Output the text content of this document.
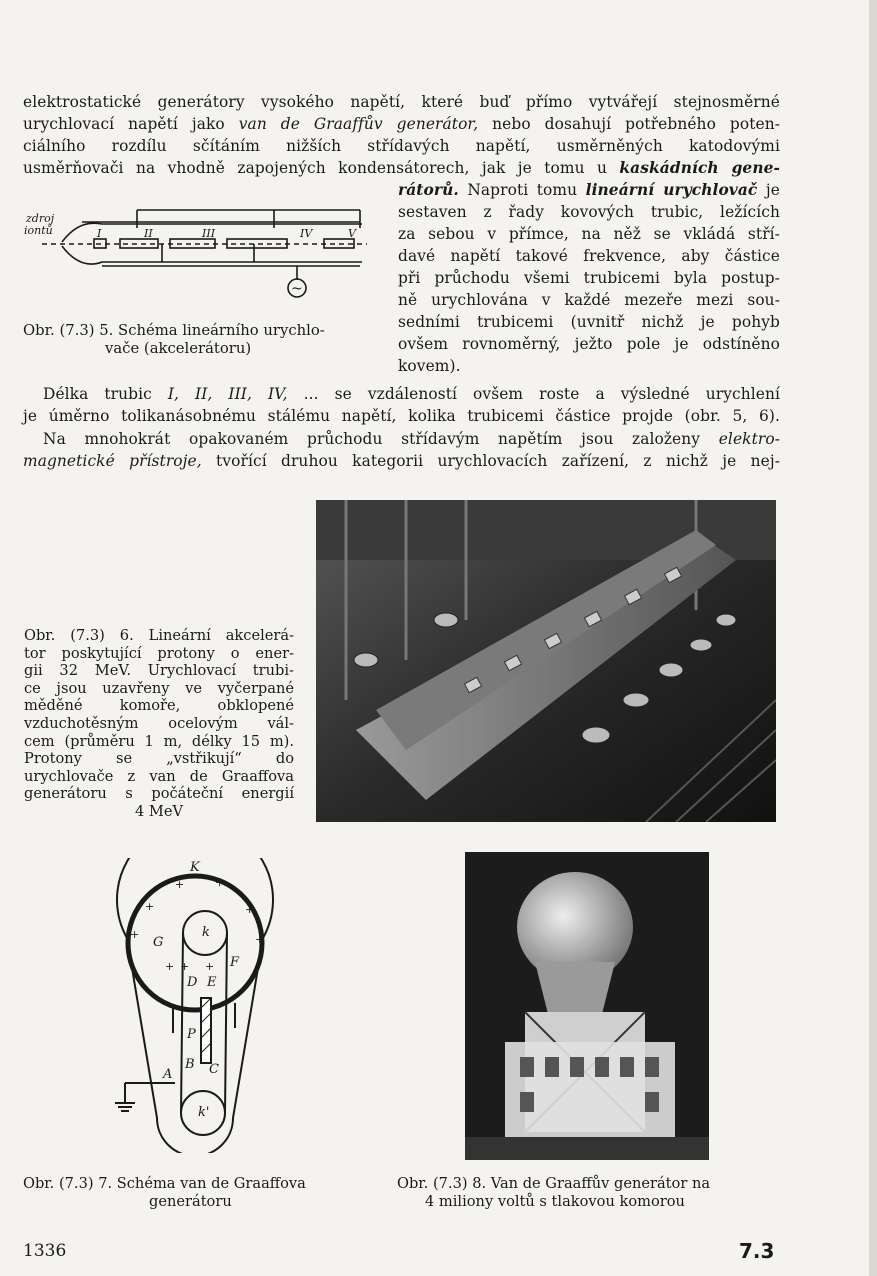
elektrostatické generátory vysokého napětí, které buď přímo vytvářejí stejnosměrné
urychlovací napětí jako van de Graaffův generátor, nebo dosahují potřebného poten-
ciálního rozdílu sčítáním nižších střídavých napětí, usměrněných katodovými
usměrňovači na vhodně zapojených kondensátorech, jak je tomu u kaskádních gene-
rátorů. Naproti tomu lineární urychlovač je
sestaven z řady kovových trubic, ležících
za sebou v přímce, na něž se vkládá stří-
davé napětí takové frekvence, aby částice
při průchodu všemi trubicemi byla postup-
ně urychlována v každé mezeře mezi sou-
sedními trubicemi (uvnitř nichž je pohyb
ovšem rovnoměrný, ježto pole je odstíněno
kovem).
zdroj
iontů	I	II	III	IV	V
~
Obr. (7.3) 5. Schéma lineárního urychlo-
vače (akcelerátoru)
Délka trubic I, II, III, IV, ... se vzdáleností ovšem roste a výsledné urychlení
je úměrno tolikanásobnému stálému napětí, kolika trubicemi částice projde (obr. 5, 6).
Na mnohokrát opakovaném průchodu střídavým napětím jsou založeny elektro-
magnetické přístroje, tvořící druhou kategorii urychlovacích zařízení, z nichž je nej-
Obr. (7.3) 6. Lineární akcelerá-
tor poskytující protony o ener-
gii 32 MeV. Urychlovací trubi-
ce jsou uzavřeny ve vyčerpané
měděné komoře, obklopené
vzduchotěsným ocelovým vál-
cem (průměru 1 m, délky 15 m).
Protony se „vstřikují“ do
urychlovače z van de Graaffova
generátoru s počáteční energií
4 MeV
K
k
G
F
D E
P
B C
A
k'
+	+
+	+
+	+
+ + +
Obr. (7.3) 7. Schéma van de Graaffova
generátoru
Obr. (7.3) 8. Van de Graaffův generátor na
4 miliony voltů s tlakovou komorou
1336	7.3
